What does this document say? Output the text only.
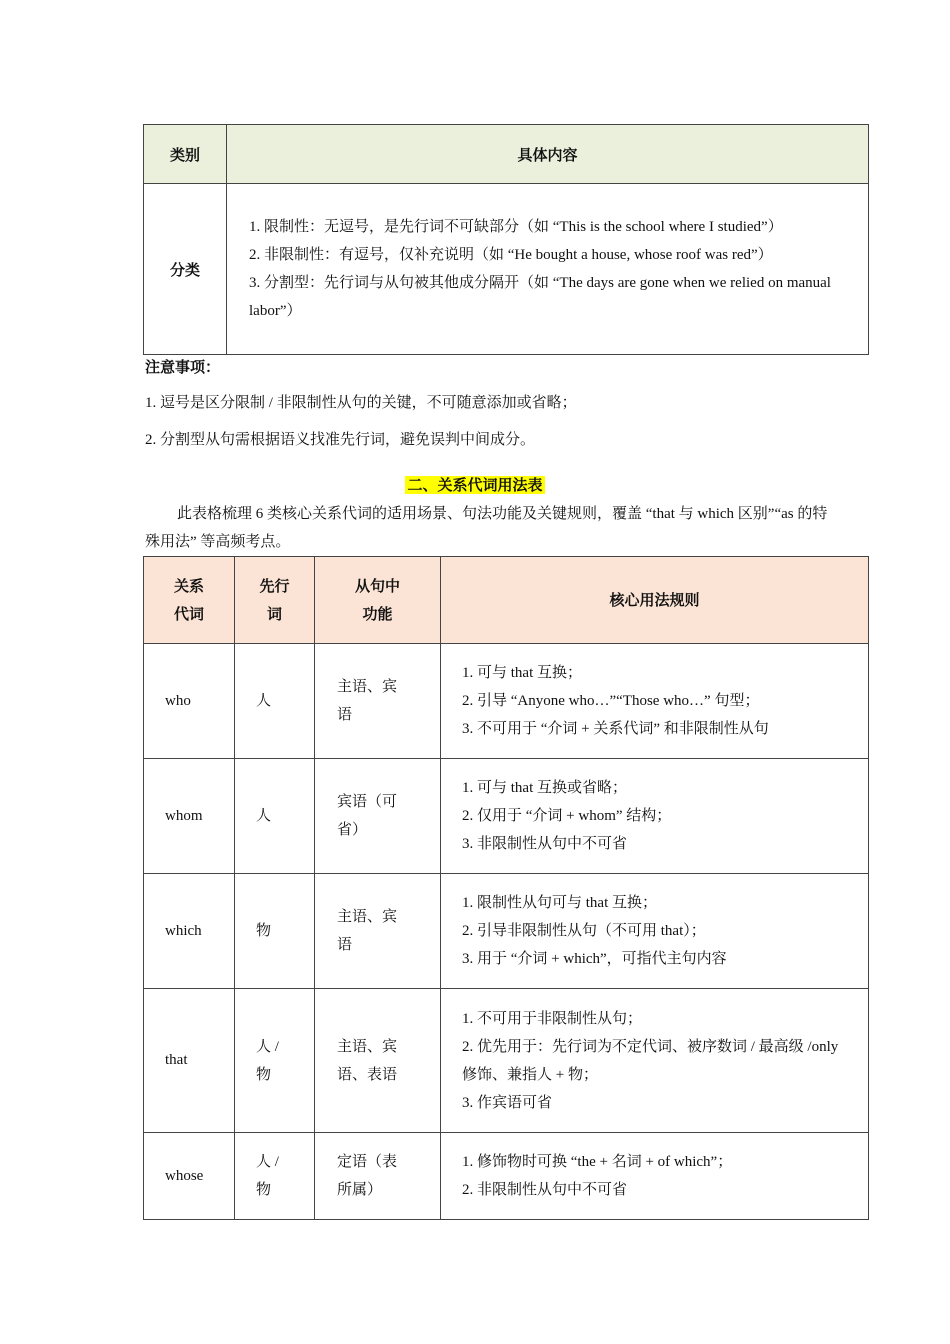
类别	具体内容
分类	1. 限制性：无逗号，是先行词不可缺部分（如 “This is the school where I studied”）
2. 非限制性：有逗号，仅补充说明（如 “He bought a house, whose roof was red”）
3. 分割型：先行词与从句被其他成分隔开（如 “The days are gone when we relied on manual labor”）
注意事项：
1. 逗号是区分限制 / 非限制性从句的关键，不可随意添加或省略；
2. 分割型从句需根据语义找准先行词，避免误判中间成分。
二、关系代词用法表
此表格梳理 6 类核心关系代词的适用场景、句法功能及关键规则，覆盖 “that 与 which 区别”“as 的特殊用法” 等高频考点。
关系代词	先行词	从句中功能	核心用法规则
who	人	主语、宾语	1. 可与 that 互换；
2. 引导 “Anyone who…”“Those who…” 句型；
3. 不可用于 “介词 + 关系代词” 和非限制性从句

whom	人	宾语（可省）	1. 可与 that 互换或省略；
2. 仅用于 “介词 + whom” 结构；
3. 非限制性从句中不可省

which	物	主语、宾语	1. 限制性从句可与 that 互换；
2. 引导非限制性从句（不可用 that）；
3. 用于 “介词 + which”，可指代主句内容

that	人 / 物	主语、宾语、表语	1. 不可用于非限制性从句；
2. 优先用于：先行词为不定代词、被序数词 / 最高级 /only 修饰、兼指人 + 物；
3. 作宾语可省

whose	人 / 物	定语（表所属）	1. 修饰物时可换 “the + 名词 + of which”；
2. 非限制性从句中不可省
